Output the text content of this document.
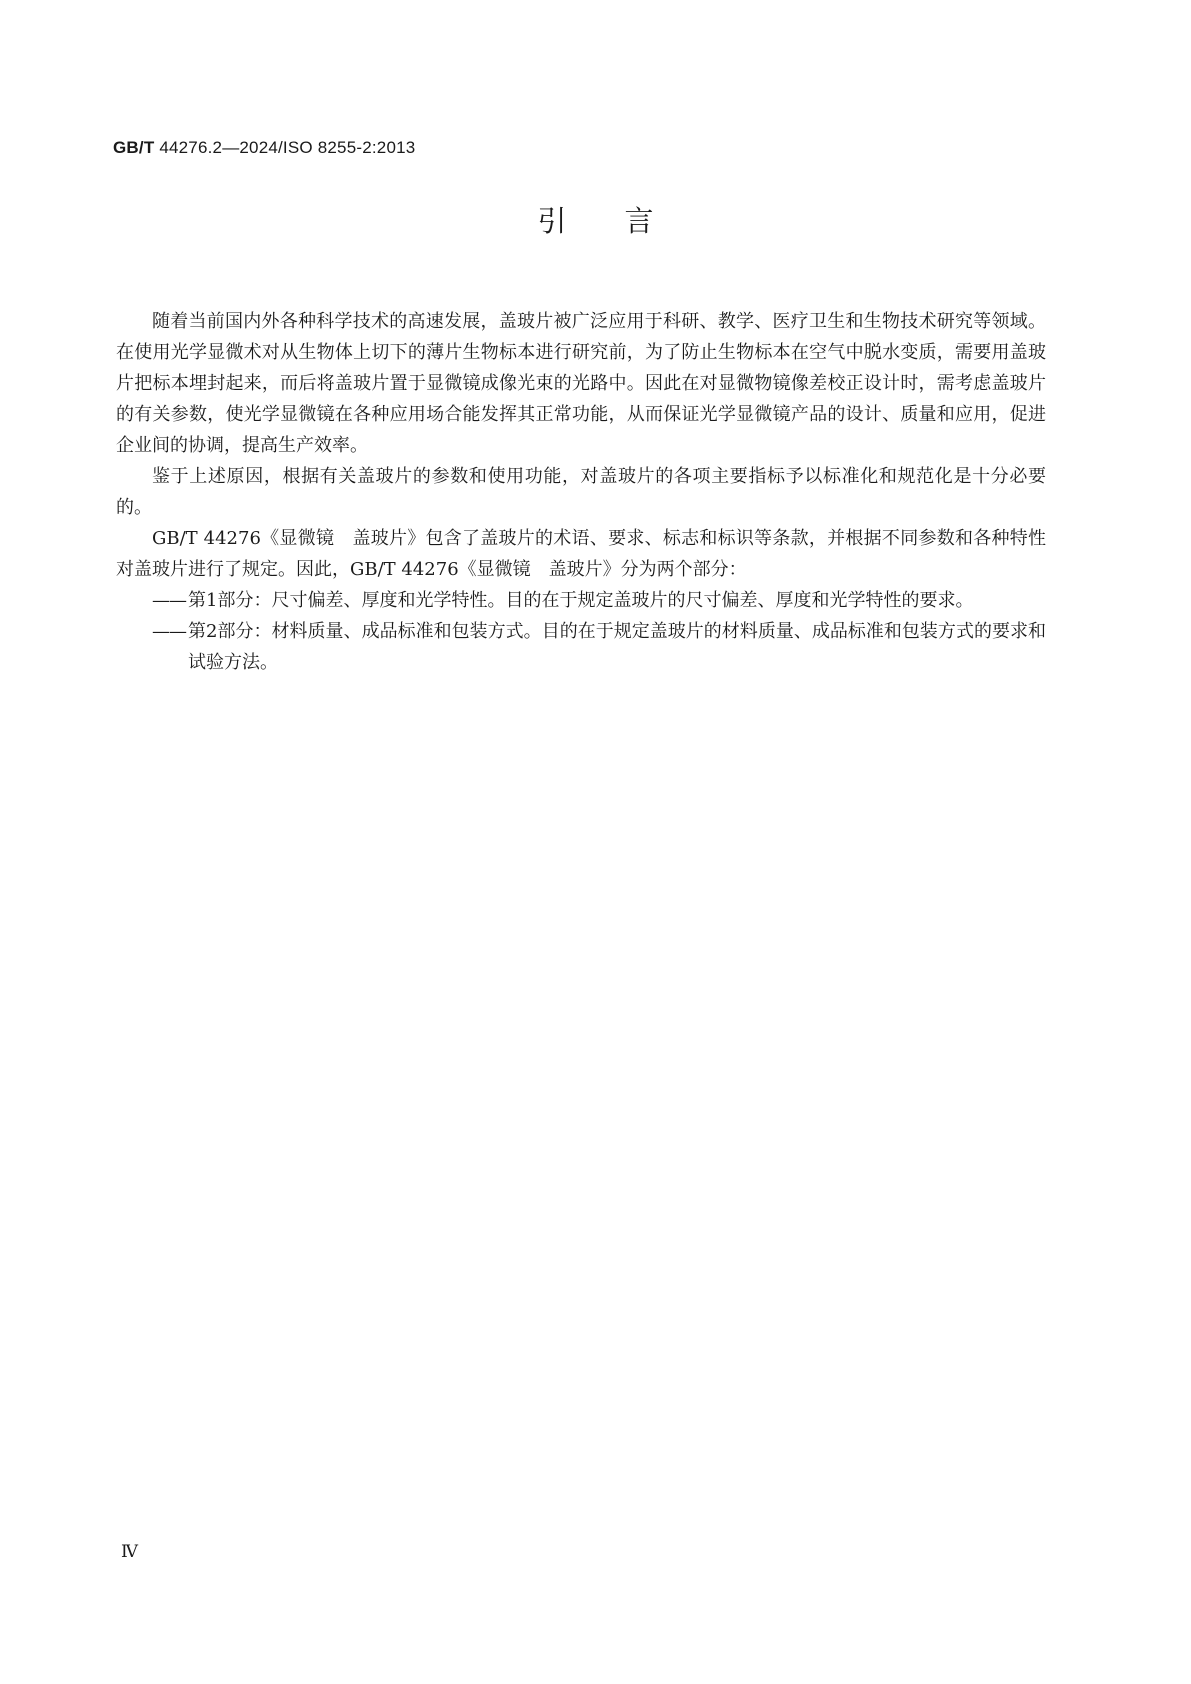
GB/T 44276.2—2024/ISO 8255-2:2013
引言

随着当前国内外各种科学技术的高速发展，盖玻片被广泛应用于科研、教学、医疗卫生和生物技术研究等领域。在使用光学显微术对从生物体上切下的薄片生物标本进行研究前，为了防止生物标本在空气中脱水变质，需要用盖玻片把标本埋封起来，而后将盖玻片置于显微镜成像光束的光路中。因此在对显微物镜像差校正设计时，需考虑盖玻片的有关参数，使光学显微镜在各种应用场合能发挥其正常功能，从而保证光学显微镜产品的设计、质量和应用，促进企业间的协调，提高生产效率。

鉴于上述原因，根据有关盖玻片的参数和使用功能，对盖玻片的各项主要指标予以标准化和规范化是十分必要的。

GB/T 44276《显微镜　盖玻片》包含了盖玻片的术语、要求、标志和标识等条款，并根据不同参数和各种特性对盖玻片进行了规定。因此，GB/T 44276《显微镜　盖玻片》分为两个部分：

—— 第1部分：尺寸偏差、厚度和光学特性。目的在于规定盖玻片的尺寸偏差、厚度和光学特性的要求。
—— 第2部分：材料质量、成品标准和包装方式。目的在于规定盖玻片的材料质量、成品标准和包装方式的要求和试验方法。
Ⅳ
